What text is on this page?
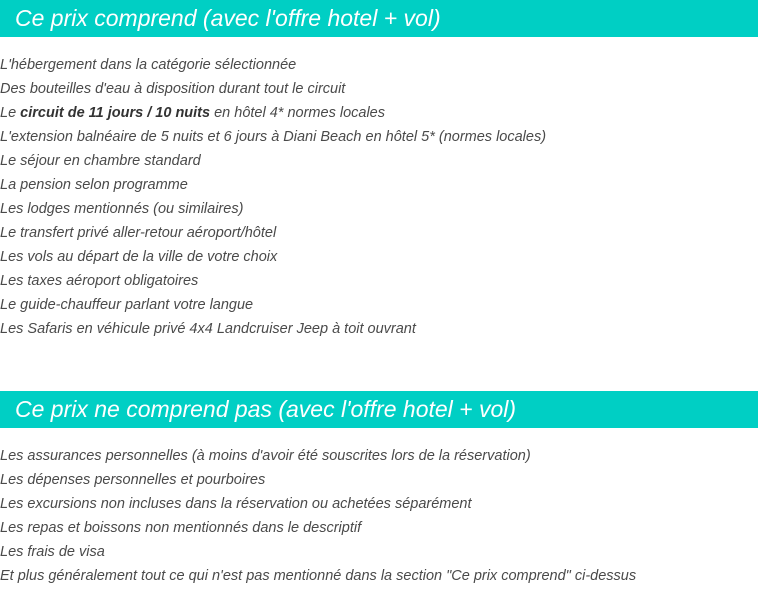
Ce prix comprend (avec l'offre hotel + vol)
L'hébergement dans la catégorie sélectionnée
Des bouteilles d'eau à disposition durant tout le circuit
Le circuit de 11 jours / 10 nuits en hôtel 4* normes locales
L'extension balnéaire de 5 nuits et 6 jours à Diani Beach en hôtel 5* (normes locales)
Le séjour en chambre standard
La pension selon programme
Les lodges mentionnés (ou similaires)
Le transfert privé aller-retour aéroport/hôtel
Les vols au départ de la ville de votre choix
Les taxes aéroport obligatoires
Le guide-chauffeur parlant votre langue
Les Safaris en véhicule privé 4x4 Landcruiser Jeep à toit ouvrant
Ce prix ne comprend pas (avec l'offre hotel + vol)
Les assurances personnelles (à moins d'avoir été souscrites lors de la réservation)
Les dépenses personnelles et pourboires
Les excursions non incluses dans la réservation ou achetées séparément
Les repas et boissons non mentionnés dans le descriptif
Les frais de visa
Et plus généralement tout ce qui n'est pas mentionné dans la section "Ce prix comprend" ci-dessus
